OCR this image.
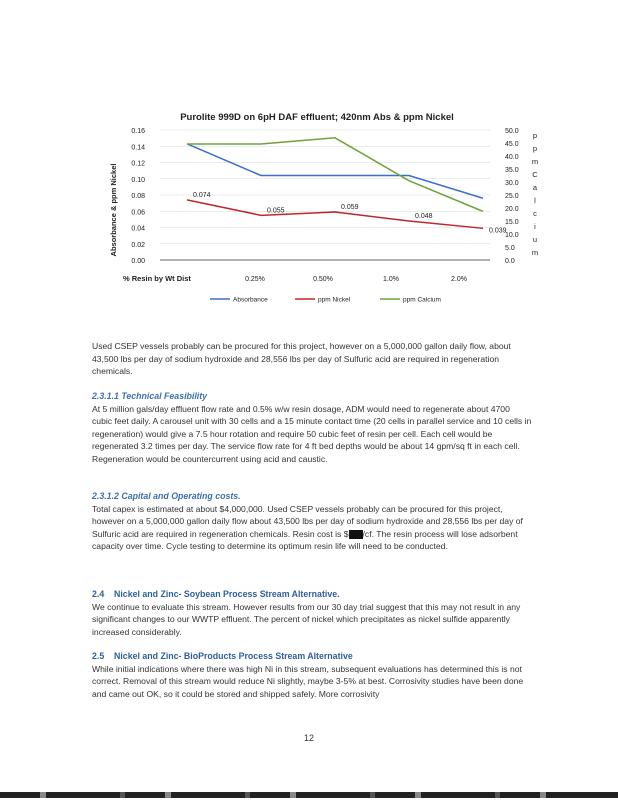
Purolite 999D on 6pH DAF effluent; 420nm Abs & ppm Nickel
0.00
0.02
0.04
0.06
0.08
0.10
0.12
0.14
0.16
0.0
5.0
10.0
15.0
20.0
25.0
30.0
35.0
40.0
45.0
50.0
0.25%	0.50%	1.0%	2.0%
0.074
0.055	0.059
0.048
0.039
Absorbance & ppm Nickel
% Resin by Wt Dist
p
p
m
C
a
l
c
i
u
m
Absorbance	ppm Nickel	ppm Calcium

Used CSEP vessels probably can be procured for this project, however on a 5,000,000 gallon daily flow, about 43,500 lbs per day of sodium hydroxide and 28,556 lbs per day of Sulfuric acid are required in regeneration chemicals.

2.3.1.1 Technical Feasibility

At 5 million gals/day effluent flow rate and 0.5% w/w resin dosage, ADM would need to regenerate about 4700 cubic feet daily. A carousel unit with 30 cells and a 15 minute contact time (20 cells in parallel service and 10 cells in regeneration) would give a 7.5 hour rotation and require 50 cubic feet of resin per cell. Each cell would be regenerated 3.2 times per day. The service flow rate for 4 ft bed depths would be about 14 gpm/sq ft in each cell. Regeneration would be countercurrent using acid and caustic.

2.3.1.2 Capital and Operating costs.

Total capex is estimated at about $4,000,000. Used CSEP vessels probably can be procured for this project, however on a 5,000,000 gallon daily flow about 43,500 lbs per day of sodium hydroxide and 28,556 lbs per day of Sulfuric acid are required in regeneration chemicals. Resin cost is $ /cf. The resin process will lose adsorbent capacity over time. Cycle testing to determine its optimum resin life will need to be conducted.

2.4 Nickel and Zinc- Soybean Process Stream Alternative.

We continue to evaluate this stream. However results from our 30 day trial suggest that this may not result in any significant changes to our WWTP effluent. The percent of nickel which precipitates as nickel sulfide apparently increased considerably.

2.5 Nickel and Zinc- BioProducts Process Stream Alternative

While initial indications where there was high Ni in this stream, subsequent evaluations has determined this is not correct. Removal of this stream would reduce Ni slightly, maybe 3-5% at best. Corrosivity studies have been done and came out OK, so it could be stored and shipped safely. More corrosivity

12
